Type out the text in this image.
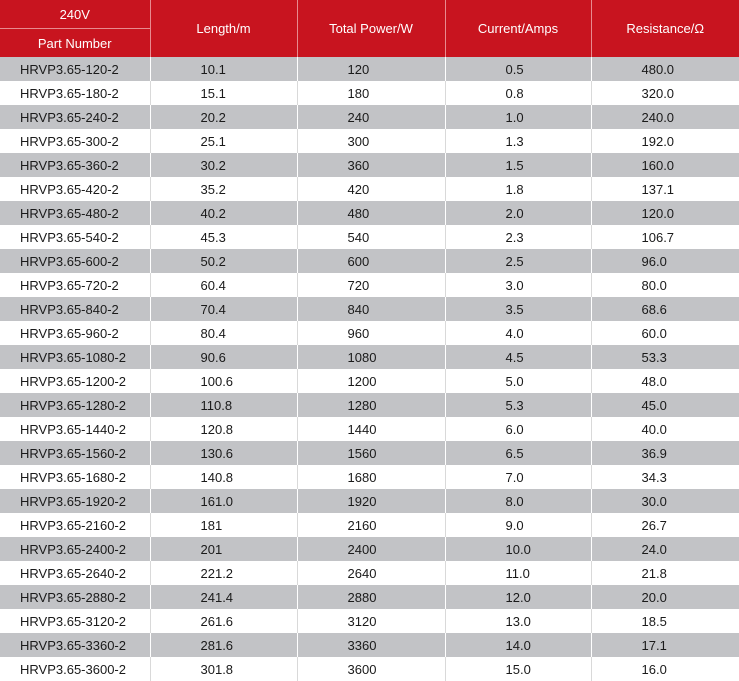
240V
Part Number	Length/m	Total Power/W	Current/Amps	Resistance/Ω
HRVP3.65-120-2	10.1	120	0.5	480.0
HRVP3.65-180-2	15.1	180	0.8	320.0
HRVP3.65-240-2	20.2	240	1.0	240.0
HRVP3.65-300-2	25.1	300	1.3	192.0
HRVP3.65-360-2	30.2	360	1.5	160.0
HRVP3.65-420-2	35.2	420	1.8	137.1
HRVP3.65-480-2	40.2	480	2.0	120.0
HRVP3.65-540-2	45.3	540	2.3	106.7
HRVP3.65-600-2	50.2	600	2.5	96.0
HRVP3.65-720-2	60.4	720	3.0	80.0
HRVP3.65-840-2	70.4	840	3.5	68.6
HRVP3.65-960-2	80.4	960	4.0	60.0
HRVP3.65-1080-2	90.6	1080	4.5	53.3
HRVP3.65-1200-2	100.6	1200	5.0	48.0
HRVP3.65-1280-2	110.8	1280	5.3	45.0
HRVP3.65-1440-2	120.8	1440	6.0	40.0
HRVP3.65-1560-2	130.6	1560	6.5	36.9
HRVP3.65-1680-2	140.8	1680	7.0	34.3
HRVP3.65-1920-2	161.0	1920	8.0	30.0
HRVP3.65-2160-2	181	2160	9.0	26.7
HRVP3.65-2400-2	201	2400	10.0	24.0
HRVP3.65-2640-2	221.2	2640	11.0	21.8
HRVP3.65-2880-2	241.4	2880	12.0	20.0
HRVP3.65-3120-2	261.6	3120	13.0	18.5
HRVP3.65-3360-2	281.6	3360	14.0	17.1
HRVP3.65-3600-2	301.8	3600	15.0	16.0
